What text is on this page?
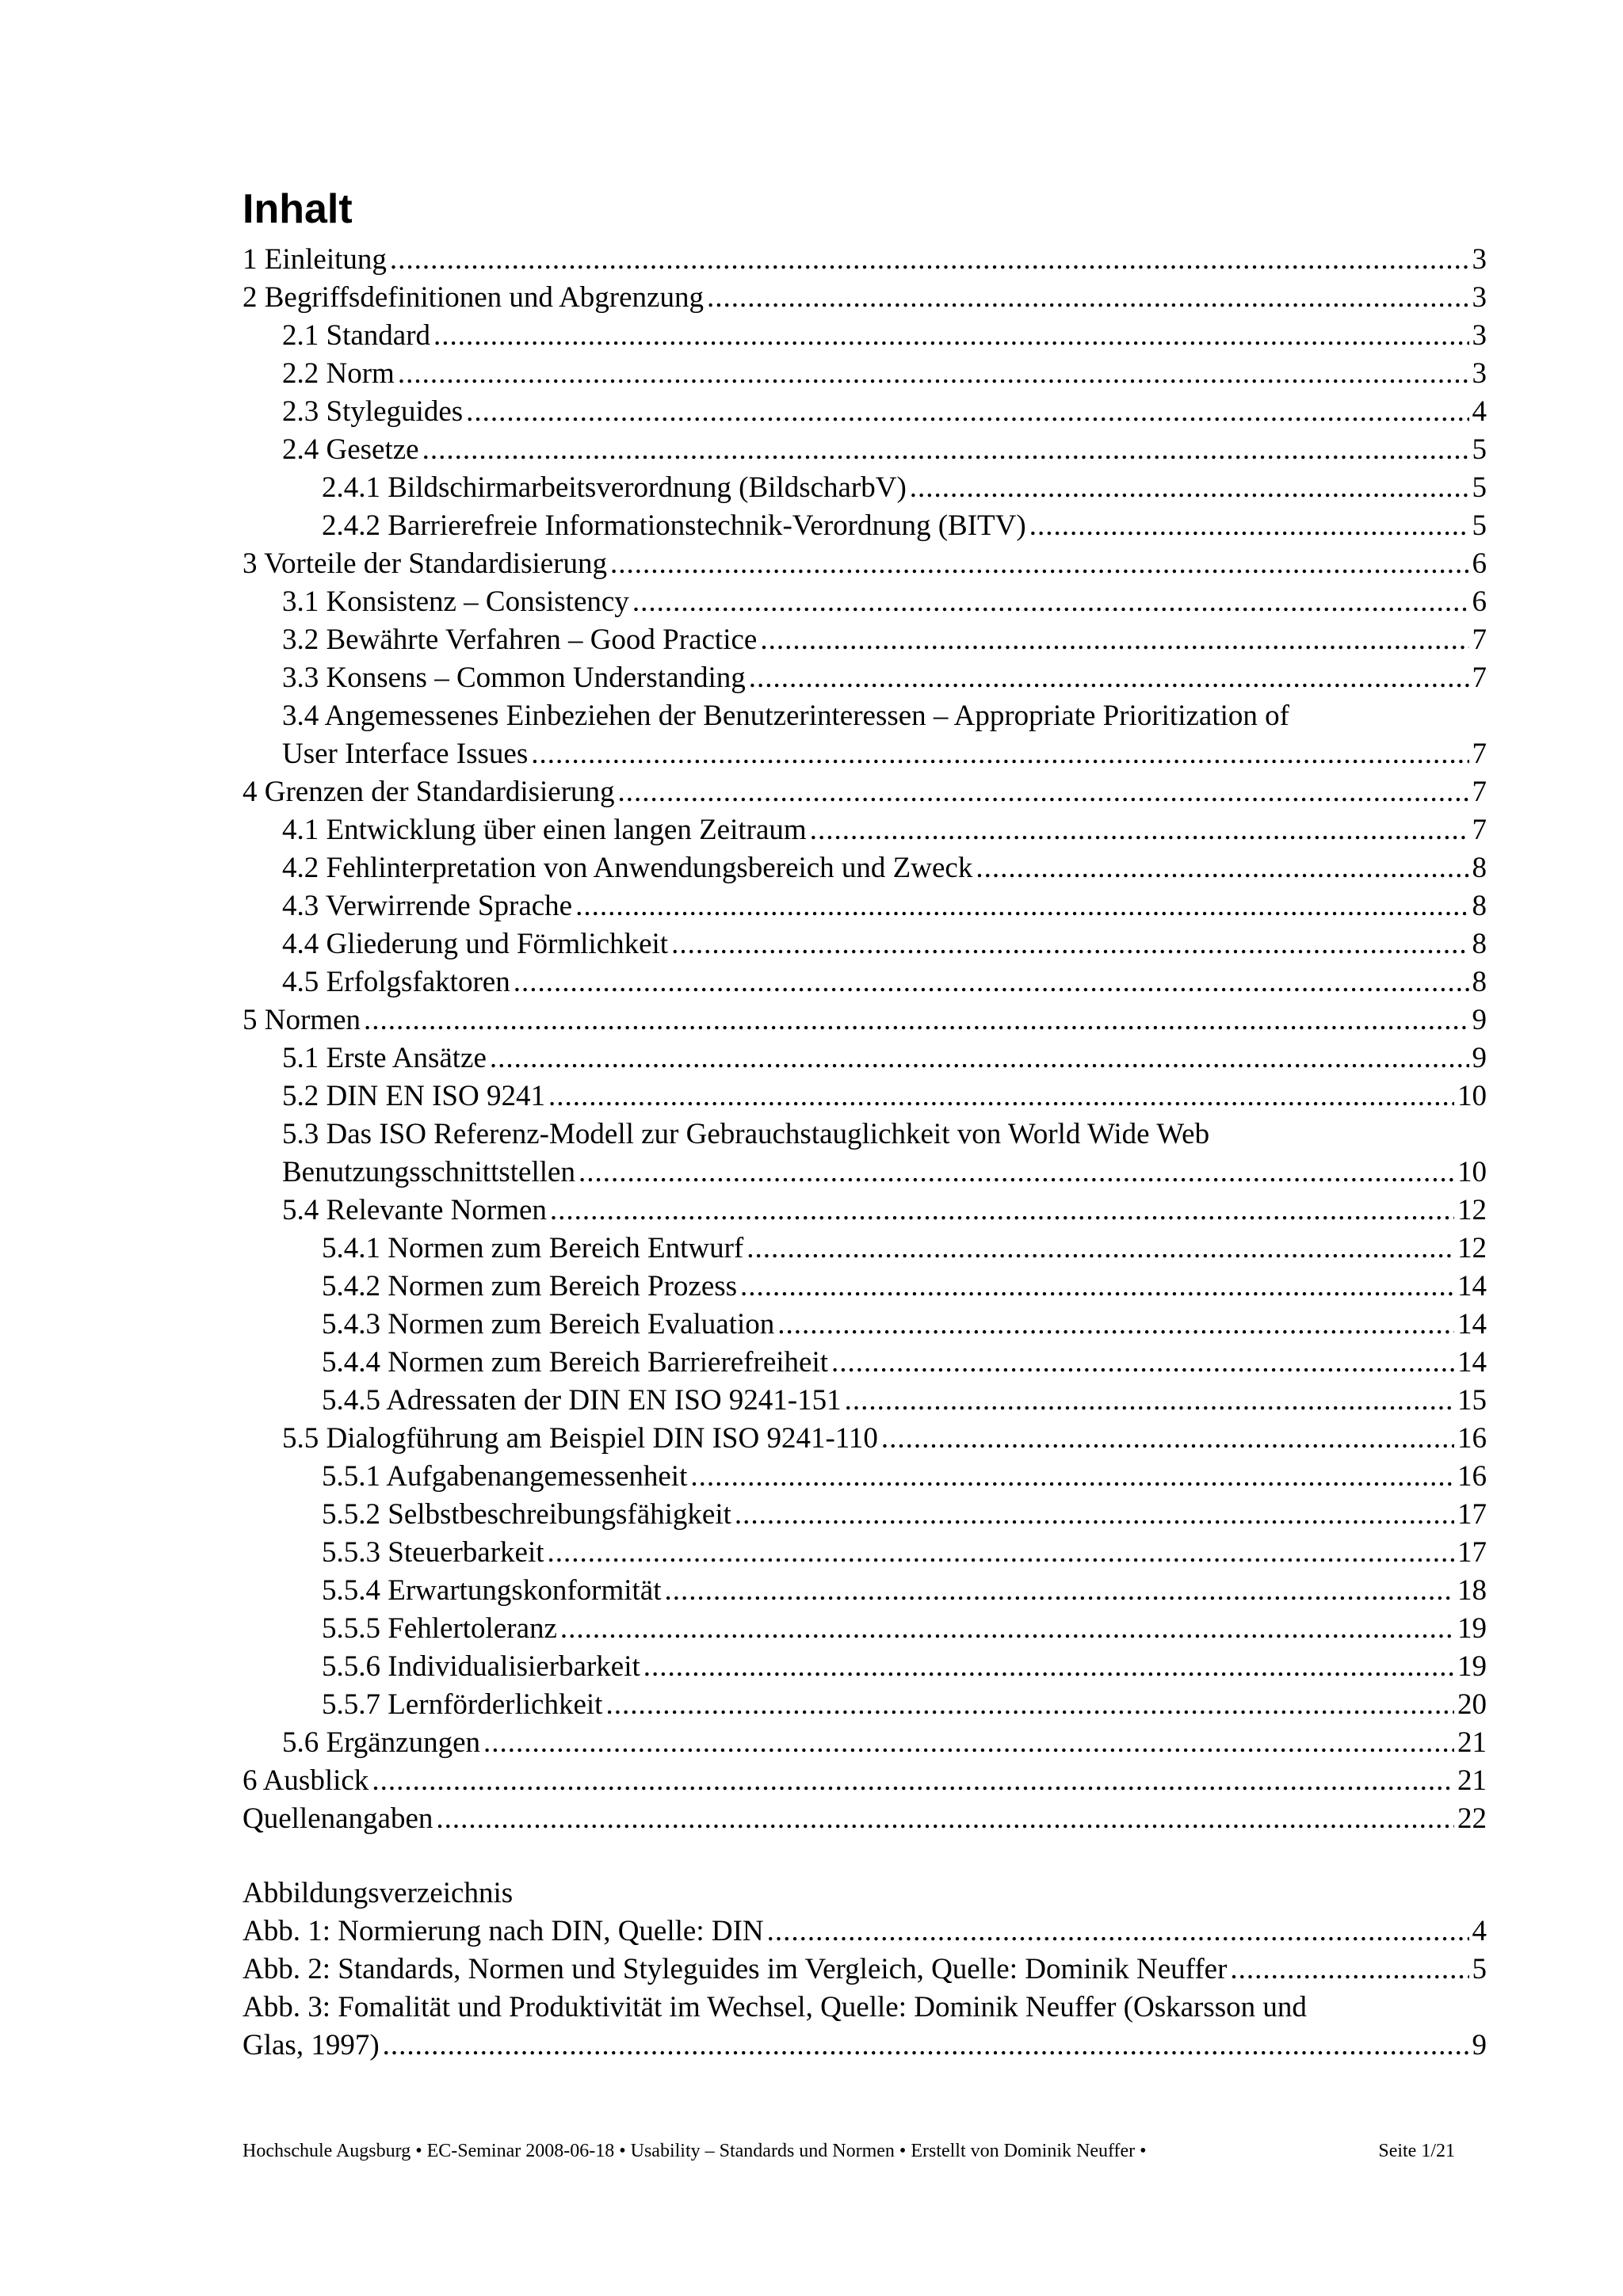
Inhalt
1 Einleitung .....	3
2 Begriffsdefinitionen und Abgrenzung .....	3
2.1 Standard .....	3
2.2 Norm .....	3
2.3 Styleguides .....	4
2.4 Gesetze .....	5
2.4.1 Bildschirmarbeitsverordnung (BildscharbV) .....	5
2.4.2 Barrierefreie Informationstechnik-Verordnung (BITV) .....	5
3 Vorteile der Standardisierung .....	6
3.1 Konsistenz – Consistency .....	6
3.2 Bewährte Verfahren – Good Practice .....	7
3.3 Konsens – Common Understanding .....	7
3.4 Angemessenes Einbeziehen der Benutzerinteressen – Appropriate Prioritization of
User Interface Issues .....	7
4 Grenzen der Standardisierung .....	7
4.1 Entwicklung über einen langen Zeitraum .....	7
4.2 Fehlinterpretation von Anwendungsbereich und Zweck .....	8
4.3 Verwirrende Sprache .....	8
4.4 Gliederung und Förmlichkeit .....	8
4.5 Erfolgsfaktoren .....	8
5 Normen .....	9
5.1 Erste Ansätze .....	9
5.2 DIN EN ISO 9241 .....	10
5.3 Das ISO Referenz-Modell zur Gebrauchstauglichkeit von World Wide Web
Benutzungsschnittstellen .....	10
5.4 Relevante Normen .....	12
5.4.1 Normen zum Bereich Entwurf .....	12
5.4.2 Normen zum Bereich Prozess .....	14
5.4.3 Normen zum Bereich Evaluation .....	14
5.4.4 Normen zum Bereich Barrierefreiheit .....	14
5.4.5 Adressaten der DIN EN ISO 9241-151 .....	15
5.5 Dialogführung am Beispiel DIN ISO 9241-110 .....	16
5.5.1 Aufgabenangemessenheit .....	16
5.5.2 Selbstbeschreibungsfähigkeit .....	17
5.5.3 Steuerbarkeit .....	17
5.5.4 Erwartungskonformität .....	18
5.5.5 Fehlertoleranz .....	19
5.5.6 Individualisierbarkeit .....	19
5.5.7 Lernförderlichkeit .....	20
5.6 Ergänzungen .....	21
6 Ausblick .....	21
Quellenangaben .....	22
Abbildungsverzeichnis
Abb. 1: Normierung nach DIN, Quelle: DIN .....	4
Abb. 2: Standards, Normen und Styleguides im Vergleich, Quelle: Dominik Neuffer .....	5
Abb. 3: Fomalität und Produktivität im Wechsel, Quelle: Dominik Neuffer (Oskarsson und
Glas, 1997) .....	9
Hochschule Augsburg • EC-Seminar 2008-06-18 • Usability – Standards und Normen • Erstellt von Dominik Neuffer •	Seite 1/21
